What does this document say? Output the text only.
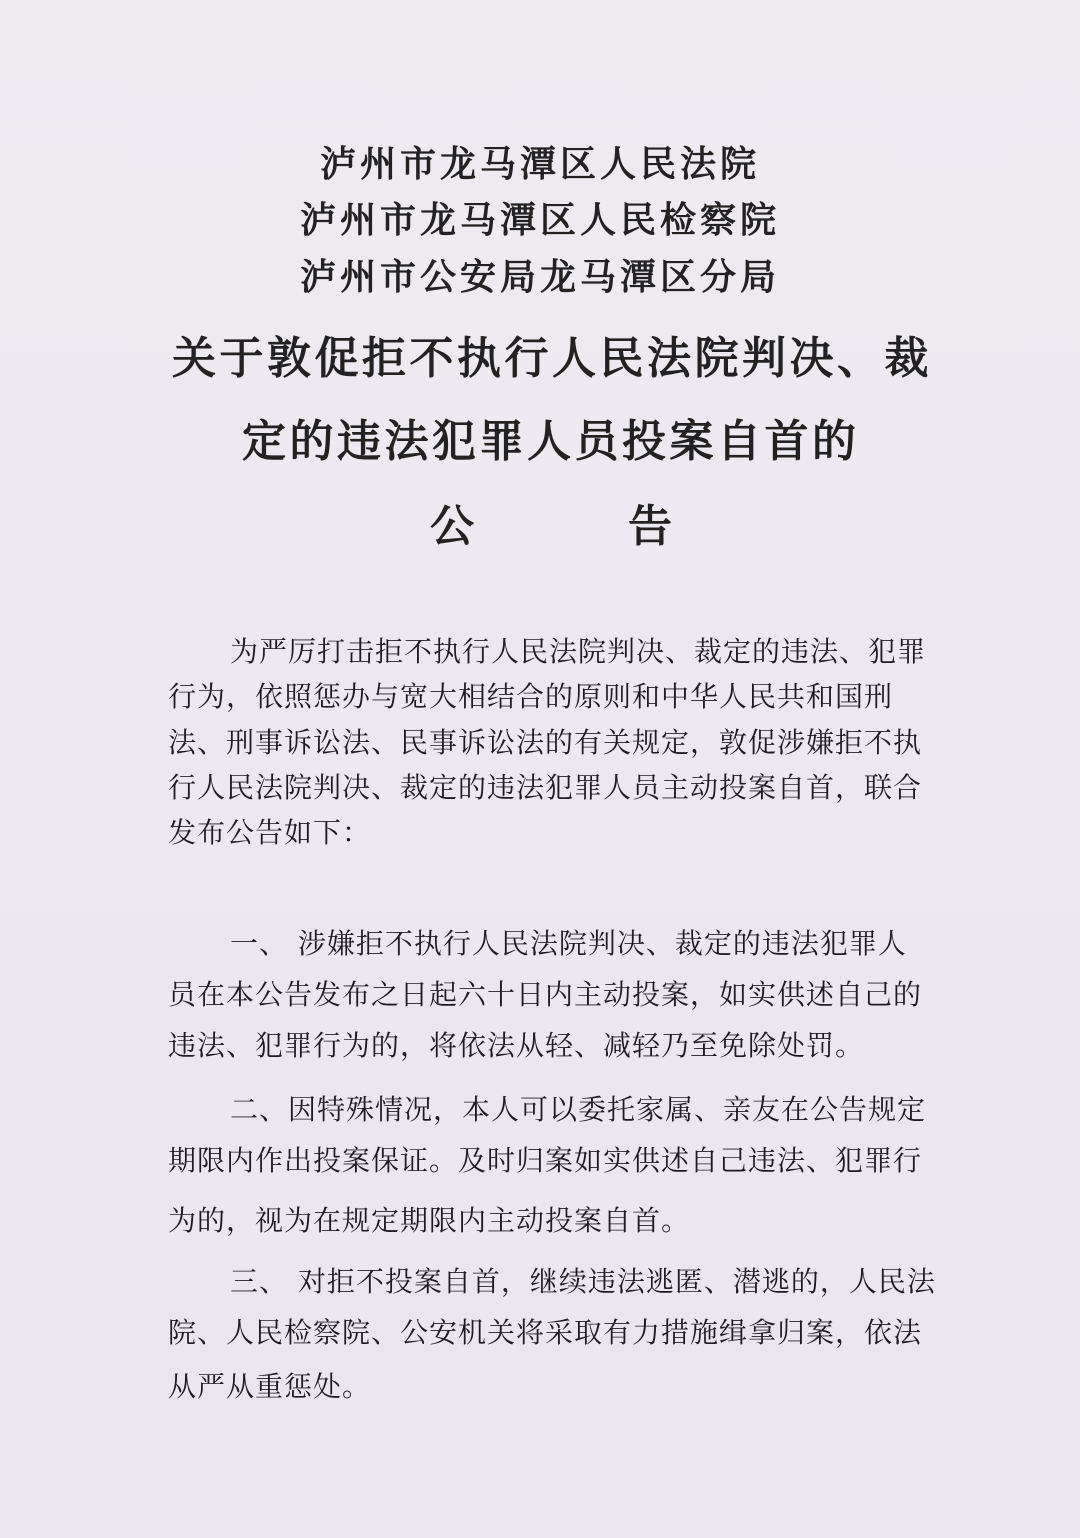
泸州市龙马潭区人民法院
泸州市龙马潭区人民检察院
泸州市公安局龙马潭区分局
关于敦促拒不执行人民法院判决、裁
定的违法犯罪人员投案自首的
公	告
为严厉打击拒不执行人民法院判决、裁定的违法、犯罪
行为，依照惩办与宽大相结合的原则和中华人民共和国刑
法、刑事诉讼法、民事诉讼法的有关规定，敦促涉嫌拒不执
行人民法院判决、裁定的违法犯罪人员主动投案自首，联合
发布公告如下：
一、 涉嫌拒不执行人民法院判决、裁定的违法犯罪人
员在本公告发布之日起六十日内主动投案，如实供述自己的
违法、犯罪行为的，将依法从轻、减轻乃至免除处罚。
二、因特殊情况，本人可以委托家属、亲友在公告规定
期限内作出投案保证。及时归案如实供述自己违法、犯罪行
为的，视为在规定期限内主动投案自首。
三、 对拒不投案自首，继续违法逃匿、潜逃的，人民法
院、人民检察院、公安机关将采取有力措施缉拿归案，依法
从严从重惩处。
